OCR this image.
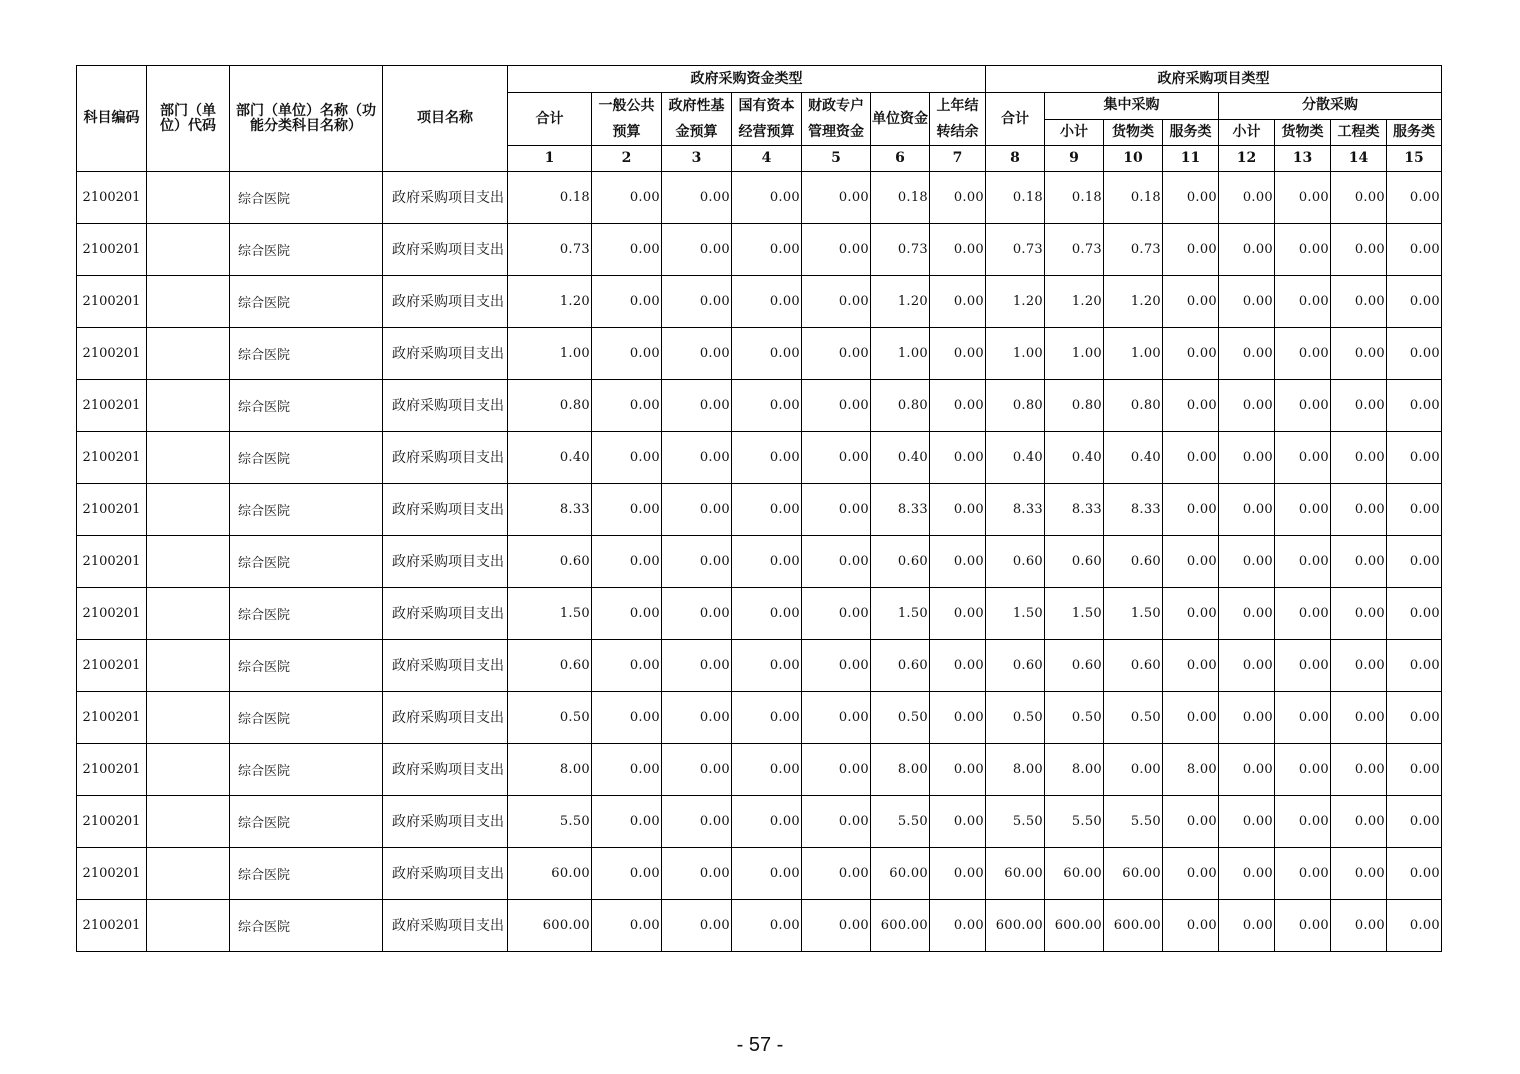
科目编码	部门（单位）代码	部门（单位）名称（功能分类科目名称）	项目名称	政府采购资金类型							政府采购项目类型							
				合计	一般公共预算	政府性基金预算	国有资本经营预算	财政专户管理资金	单位资金	上年结转结余	合计	集中采购			分散采购			
												小计	货物类	服务类	小计	货物类	工程类	服务类
				1	2	3	4	5	6	7	8	9	10	11	12	13	14	15
2100201		综合医院	政府采购项目支出	0.18	0.00	0.00	0.00	0.00	0.18	0.00	0.18	0.18	0.18	0.00	0.00	0.00	0.00	0.00
2100201		综合医院	政府采购项目支出	0.73	0.00	0.00	0.00	0.00	0.73	0.00	0.73	0.73	0.73	0.00	0.00	0.00	0.00	0.00
2100201		综合医院	政府采购项目支出	1.20	0.00	0.00	0.00	0.00	1.20	0.00	1.20	1.20	1.20	0.00	0.00	0.00	0.00	0.00
2100201		综合医院	政府采购项目支出	1.00	0.00	0.00	0.00	0.00	1.00	0.00	1.00	1.00	1.00	0.00	0.00	0.00	0.00	0.00
2100201		综合医院	政府采购项目支出	0.80	0.00	0.00	0.00	0.00	0.80	0.00	0.80	0.80	0.80	0.00	0.00	0.00	0.00	0.00
2100201		综合医院	政府采购项目支出	0.40	0.00	0.00	0.00	0.00	0.40	0.00	0.40	0.40	0.40	0.00	0.00	0.00	0.00	0.00
2100201		综合医院	政府采购项目支出	8.33	0.00	0.00	0.00	0.00	8.33	0.00	8.33	8.33	8.33	0.00	0.00	0.00	0.00	0.00
2100201		综合医院	政府采购项目支出	0.60	0.00	0.00	0.00	0.00	0.60	0.00	0.60	0.60	0.60	0.00	0.00	0.00	0.00	0.00
2100201		综合医院	政府采购项目支出	1.50	0.00	0.00	0.00	0.00	1.50	0.00	1.50	1.50	1.50	0.00	0.00	0.00	0.00	0.00
2100201		综合医院	政府采购项目支出	0.60	0.00	0.00	0.00	0.00	0.60	0.00	0.60	0.60	0.60	0.00	0.00	0.00	0.00	0.00
2100201		综合医院	政府采购项目支出	0.50	0.00	0.00	0.00	0.00	0.50	0.00	0.50	0.50	0.50	0.00	0.00	0.00	0.00	0.00
2100201		综合医院	政府采购项目支出	8.00	0.00	0.00	0.00	0.00	8.00	0.00	8.00	8.00	0.00	8.00	0.00	0.00	0.00	0.00
2100201		综合医院	政府采购项目支出	5.50	0.00	0.00	0.00	0.00	5.50	0.00	5.50	5.50	5.50	0.00	0.00	0.00	0.00	0.00
2100201		综合医院	政府采购项目支出	60.00	0.00	0.00	0.00	0.00	60.00	0.00	60.00	60.00	60.00	0.00	0.00	0.00	0.00	0.00
2100201		综合医院	政府采购项目支出	600.00	0.00	0.00	0.00	0.00	600.00	0.00	600.00	600.00	600.00	0.00	0.00	0.00	0.00	0.00
- 57 -
